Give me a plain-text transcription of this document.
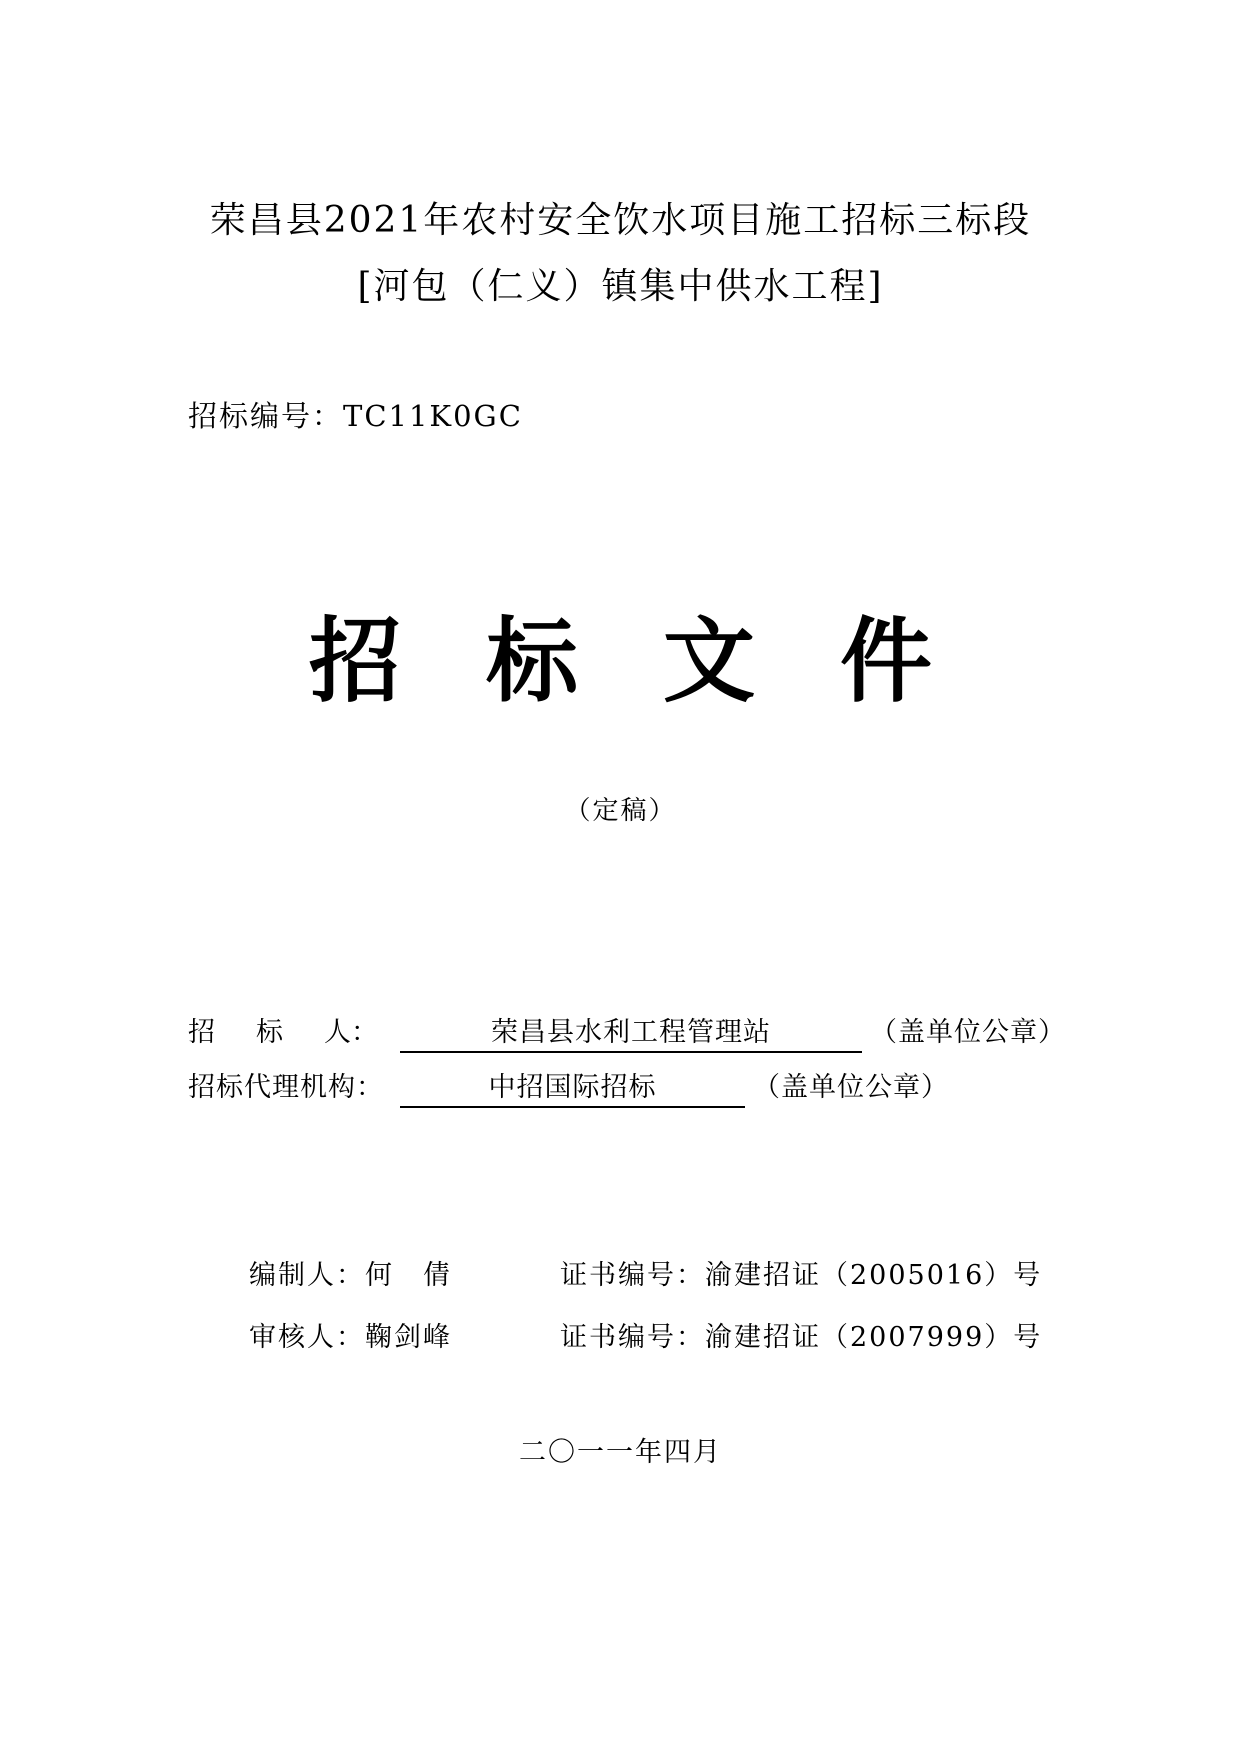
荣昌县2021年农村安全饮水项目施工招标三标段
[河包（仁义）镇集中供水工程]
招标编号：TC11K0GC
招 标 文 件
（定稿）
招 标 人：	荣昌县水利工程管理站	（盖单位公章）
招标代理机构：	中招国际招标	（盖单位公章）
编制人：何　倩	证书编号：渝建招证（2005016）号
审核人：鞠剑峰	证书编号：渝建招证（2007999）号
二〇一一年四月
